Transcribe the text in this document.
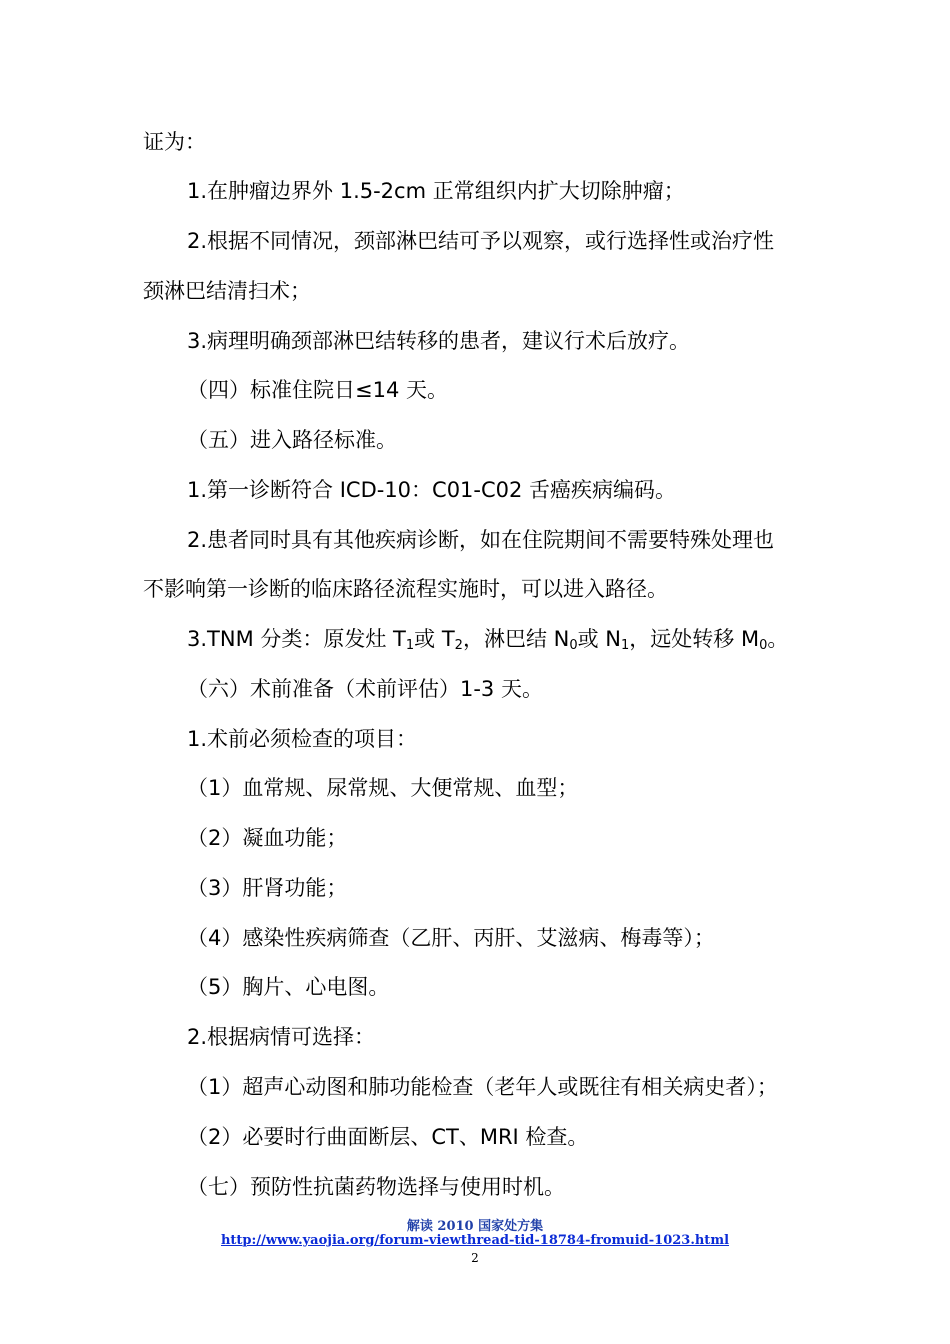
证为：
1.在肿瘤边界外 1.5-2cm 正常组织内扩大切除肿瘤；
2.根据不同情况，颈部淋巴结可予以观察，或行选择性或治疗性
颈淋巴结清扫术；
3.病理明确颈部淋巴结转移的患者，建议行术后放疗。
（四）标准住院日≤14 天。
（五）进入路径标准。
1.第一诊断符合 ICD-10：C01-C02 舌癌疾病编码。
2.患者同时具有其他疾病诊断，如在住院期间不需要特殊处理也
不影响第一诊断的临床路径流程实施时，可以进入路径。
3.TNM 分类：原发灶 $T_1$或 $T_2$，淋巴结 $N_0$或 $N_1$，远处转移 $M_0$。
（六）术前准备（术前评估）1-3 天。
1.术前必须检查的项目：
（1）血常规、尿常规、大便常规、血型；
（2）凝血功能；
（3）肝肾功能；
（4）感染性疾病筛查（乙肝、丙肝、艾滋病、梅毒等）；
（5）胸片、心电图。
2.根据病情可选择：
（1）超声心动图和肺功能检查（老年人或既往有相关病史者）；
（2）必要时行曲面断层、CT、MRI 检查。
（七）预防性抗菌药物选择与使用时机。
解读 2010 国家处方集
http://www.yaojia.org/forum-viewthread-tid-18784-fromuid-1023.html
2
